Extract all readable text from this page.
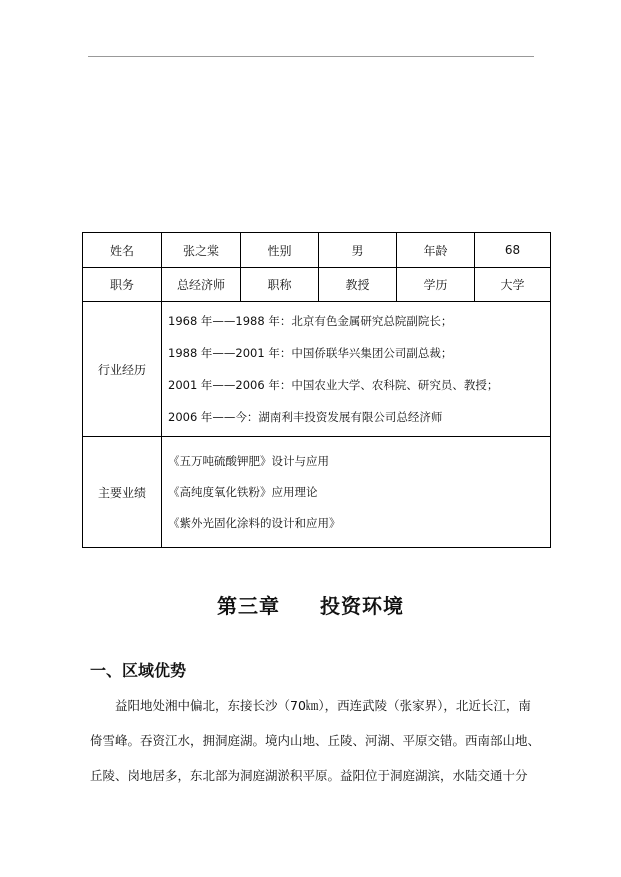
姓名	张之棠	性别	男	年龄	68
职务	总经济师	职称	教授	学历	大学
行业经历	1968 年——1988 年：北京有色金属研究总院副院长；
1988 年——2001 年：中国侨联华兴集团公司副总裁；
2001 年——2006 年：中国农业大学、农科院、研究员、教授；
2006 年——今：湖南利丰投资发展有限公司总经济师				

主要业绩	《五万吨硫酸钾肥》设计与应用
《高纯度氧化铁粉》应用理论
《紫外光固化涂料的设计和应用》				
第三章 投资环境
一、区域优势
益阳地处湘中偏北，东接长沙（70㎞），西连武陵（张家界），北近长江，南
倚雪峰。吞资江水，拥洞庭湖。境内山地、丘陵、河湖、平原交错。西南部山地、
丘陵、岗地居多，东北部为洞庭湖淤积平原。益阳位于洞庭湖滨，水陆交通十分
